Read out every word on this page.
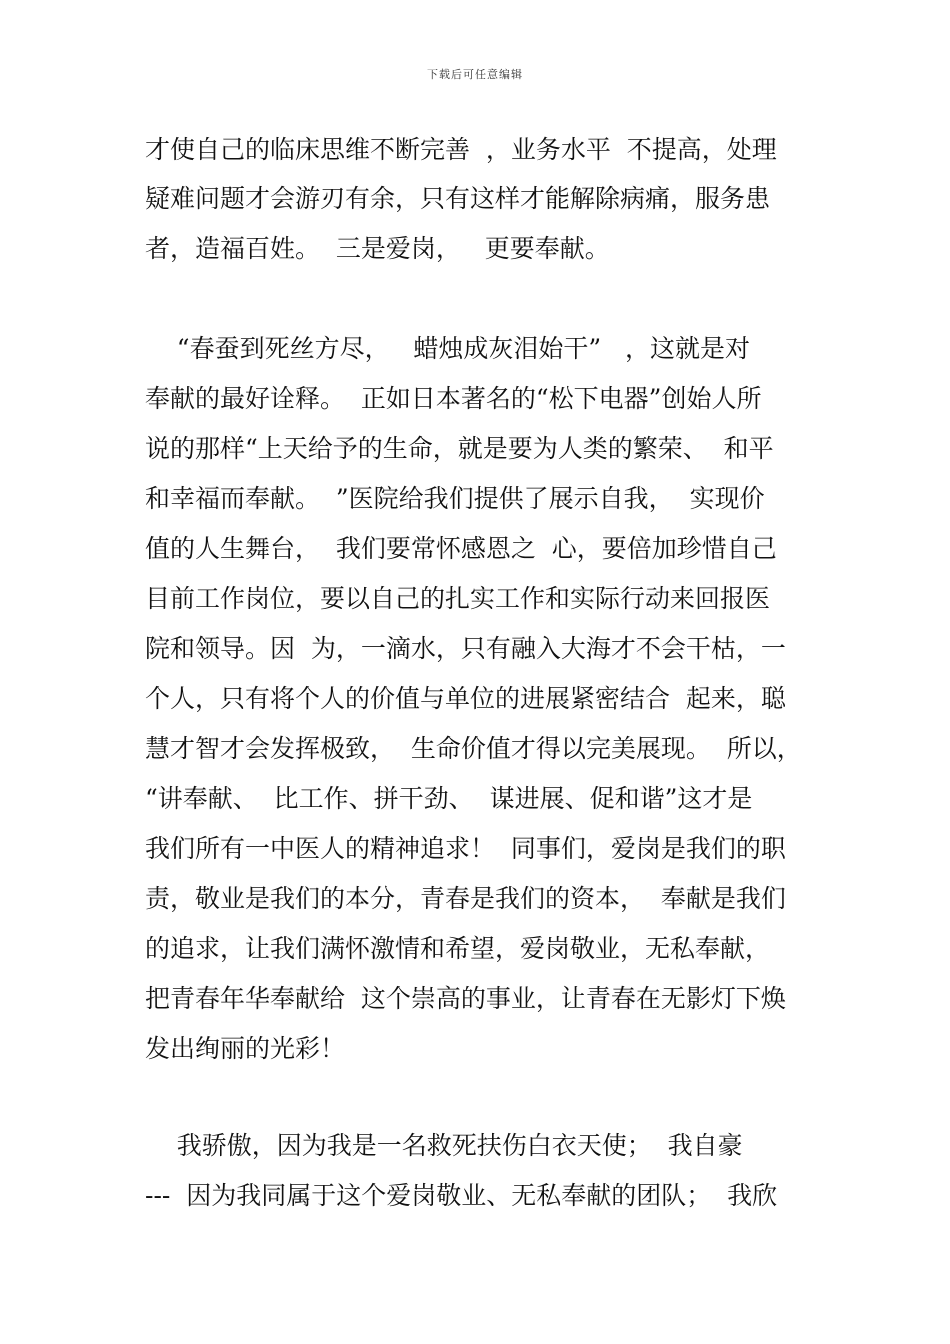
下载后可任意编辑
才使自己的临床思维不断完善  ，业务水平  不提高，处理
疑难问题才会游刃有余，只有这样才能解除病痛，服务患
者，造福百姓。  三是爱岗，   更要奉献。
“春蚕到死丝方尽，   蜡烛成灰泪始干”   ，这就是对
奉献的最好诠释。  正如日本著名的“松下电器”创始人所
说的那样“上天给予的生命，就是要为人类的繁荣、  和平
和幸福而奉献。  ”医院给我们提供了展示自我，  实现价
值的人生舞台，  我们要常怀感恩之  心，要倍加珍惜自己
目前工作岗位，要以自己的扎实工作和实际行动来回报医
院和领导。因  为，一滴水，只有融入大海才不会干枯，一
个人，只有将个人的价值与单位的进展紧密结合  起来，聪
慧才智才会发挥极致，  生命价值才得以完美展现。  所以，
“讲奉献、  比工作、拼干劲、  谋进展、促和谐”这才是
我们所有一中医人的精神追求！  同事们，爱岗是我们的职
责，敬业是我们的本分，青春是我们的资本，  奉献是我们
的追求，让我们满怀激情和希望，爱岗敬业，无私奉献，
把青春年华奉献给  这个崇高的事业，让青春在无影灯下焕
发出绚丽的光彩！
我骄傲，因为我是一名救死扶伤白衣天使；  我自豪
---  因为我同属于这个爱岗敬业、无私奉献的团队；  我欣
